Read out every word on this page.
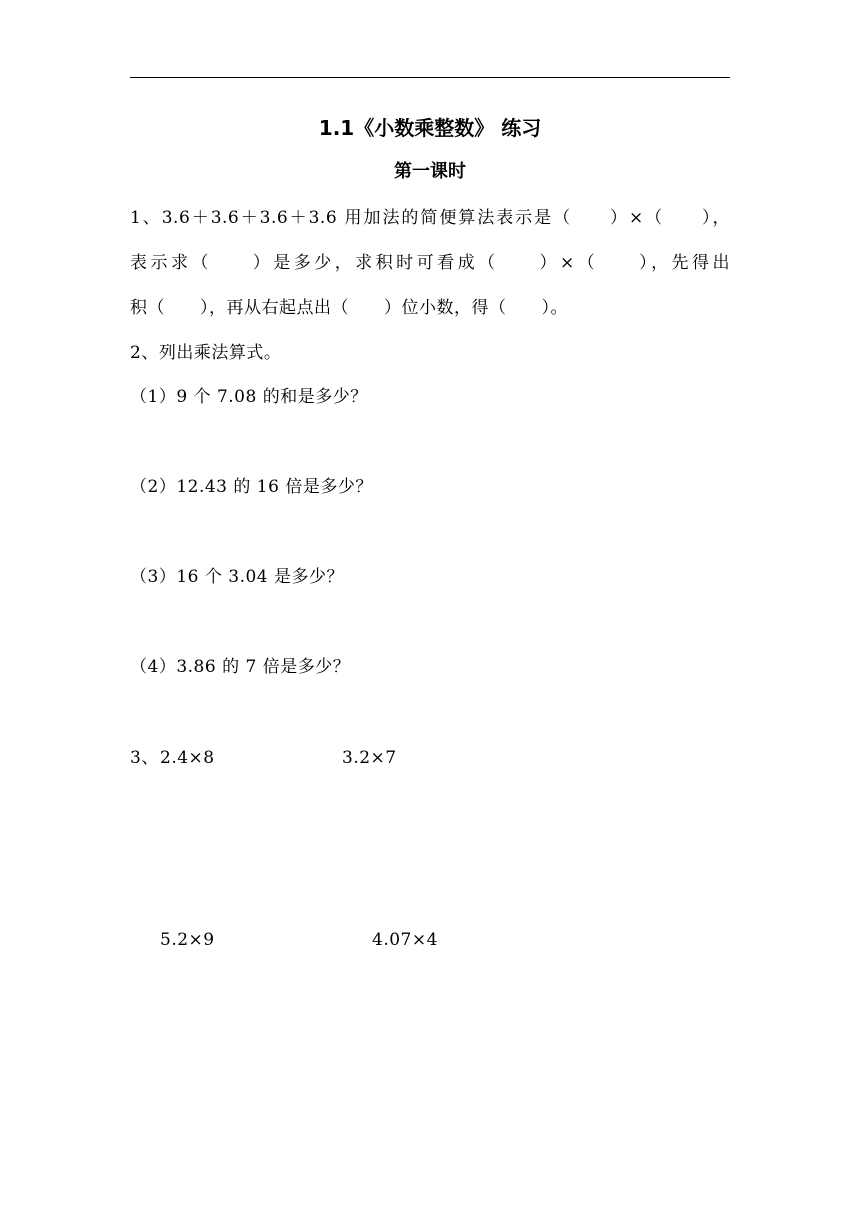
1.1《小数乘整数》 练习
第一课时
1、3.6＋3.6＋3.6＋3.6 用加法的简便算法表示是（　　）×（　　），
表示求（　　）是多少，求积时可看成（　　）×（　　），先得出
积（　　），再从右起点出（　　）位小数，得（　　）。
2、列出乘法算式。
（1）9 个 7.08 的和是多少？
（2）12.43 的 16 倍是多少？
（3）16 个 3.04 是多少？
（4）3.86 的 7 倍是多少？
3、 2.4×8	3.2×7
5.2×9	4.07×4
